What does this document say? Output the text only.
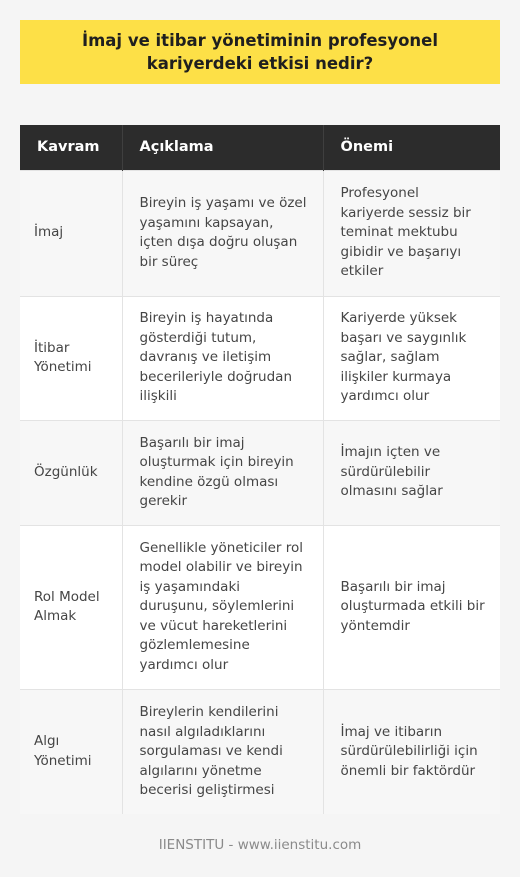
İmaj ve itibar yönetiminin profesyonel kariyerdeki etkisi nedir?
Kavram	Açıklama	Önemi
İmaj	Bireyin iş yaşamı ve özel yaşamını kapsayan, içten dışa doğru oluşan bir süreç	Profesyonel kariyerde sessiz bir teminat mektubu gibidir ve başarıyı etkiler
İtibar Yönetimi	Bireyin iş hayatında gösterdiği tutum, davranış ve iletişim becerileriyle doğrudan ilişkili	Kariyerde yüksek başarı ve saygınlık sağlar, sağlam ilişkiler kurmaya yardımcı olur
Özgünlük	Başarılı bir imaj oluşturmak için bireyin kendine özgü olması gerekir	İmajın içten ve sürdürülebilir olmasını sağlar
Rol Model Almak	Genellikle yöneticiler rol model olabilir ve bireyin iş yaşamındaki duruşunu, söylemlerini ve vücut hareketlerini gözlemlemesine yardımcı olur	Başarılı bir imaj oluşturmada etkili bir yöntemdir
Algı Yönetimi	Bireylerin kendilerini nasıl algıladıklarını sorgulaması ve kendi algılarını yönetme becerisi geliştirmesi	İmaj ve itibarın sürdürülebilirliği için önemli bir faktördür
IIENSTITU - www.iienstitu.com
